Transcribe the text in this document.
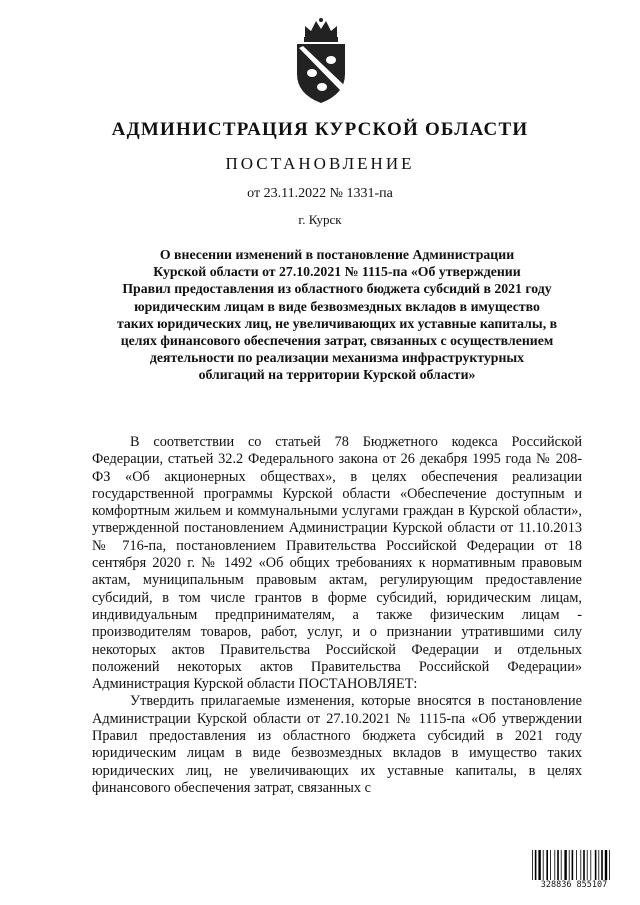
АДМИНИСТРАЦИЯ КУРСКОЙ ОБЛАСТИ
ПОСТАНОВЛЕНИЕ
от 23.11.2022 № 1331-па
г. Курск
О внесении изменений в постановление Администрации
Курской области от 27.10.2021 № 1115-па «Об утверждении
Правил предоставления из областного бюджета субсидий в 2021 году
юридическим лицам в виде безвозмездных вкладов в имущество
таких юридических лиц, не увеличивающих их уставные капиталы, в
целях финансового обеспечения затрат, связанных с осуществлением
деятельности по реализации механизма инфраструктурных
облигаций на территории Курской области»

В соответствии со статьей 78 Бюджетного кодекса Российской Федерации, статьей 32.2 Федерального закона от 26 декабря 1995 года № 208-ФЗ «Об акционерных обществах», в целях обеспечения реализации государственной программы Курской области «Обеспечение доступным и комфортным жильем и коммунальными услугами граждан в Курской области», утвержденной постановлением Администрации Курской области от 11.10.2013 № 716-па, постановлением Правительства Российской Федерации от 18 сентября 2020 г. № 1492 «Об общих требованиях к нормативным правовым актам, муниципальным правовым актам, регулирующим предоставление субсидий, в том числе грантов в форме субсидий, юридическим лицам, индивидуальным предпринимателям, а также физическим лицам - производителям товаров, работ, услуг, и о признании утратившими силу некоторых актов Правительства Российской Федерации и отдельных положений некоторых актов Правительства Российской Федерации» Администрация Курской области ПОСТАНОВЛЯЕТ:

Утвердить прилагаемые изменения, которые вносятся в постановление Администрации Курской области от 27.10.2021 № 1115-па «Об утверждении Правил предоставления из областного бюджета субсидий в 2021 году юридическим лицам в виде безвозмездных вкладов в имущество таких юридических лиц, не увеличивающих их уставные капиталы, в целях финансового обеспечения затрат, связанных с

328836 855107
